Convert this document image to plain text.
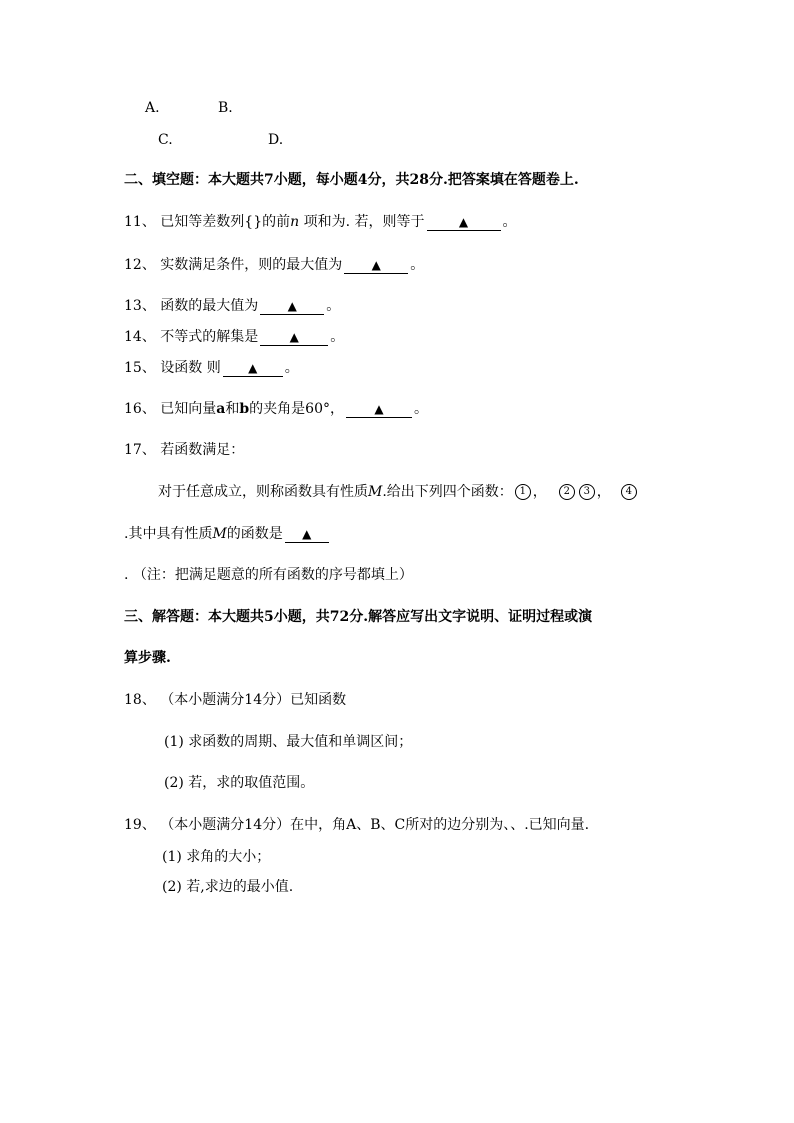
A.	B.
C.	D.
二、填空题：本大题共7小题，每小题4分，共28分.把答案填在答题卷上.
11、 已知等差数列{}的前n 项和为. 若，则等于	▲ 。
12、 实数满足条件，则的最大值为 ▲ 。
13、 函数的最大值为 ▲ 。
14、 不等式的解集是	▲ 。
15、 设函数 则 ▲ 。
16、 已知向量a和b的夹角是60°，	▲ 。
17、 若函数满足：
对于任意成立，则称函数具有性质M.给出下列四个函数： 1 ， 2 3 ， 4
.其中具有性质M的函数是 ▲
. （注：把满足题意的所有函数的序号都填上）
三、解答题：本大题共5小题，共72分.解答应写出文字说明、证明过程或演
算步骤.
18、 （本小题满分14分）已知函数
(1) 求函数的周期、最大值和单调区间；
(2) 若，求的取值范围。
19、 （本小题满分14分）在中，角A、B、C所对的边分别为、、.已知向量.
(1) 求角的大小；
(2) 若,求边的最小值.
